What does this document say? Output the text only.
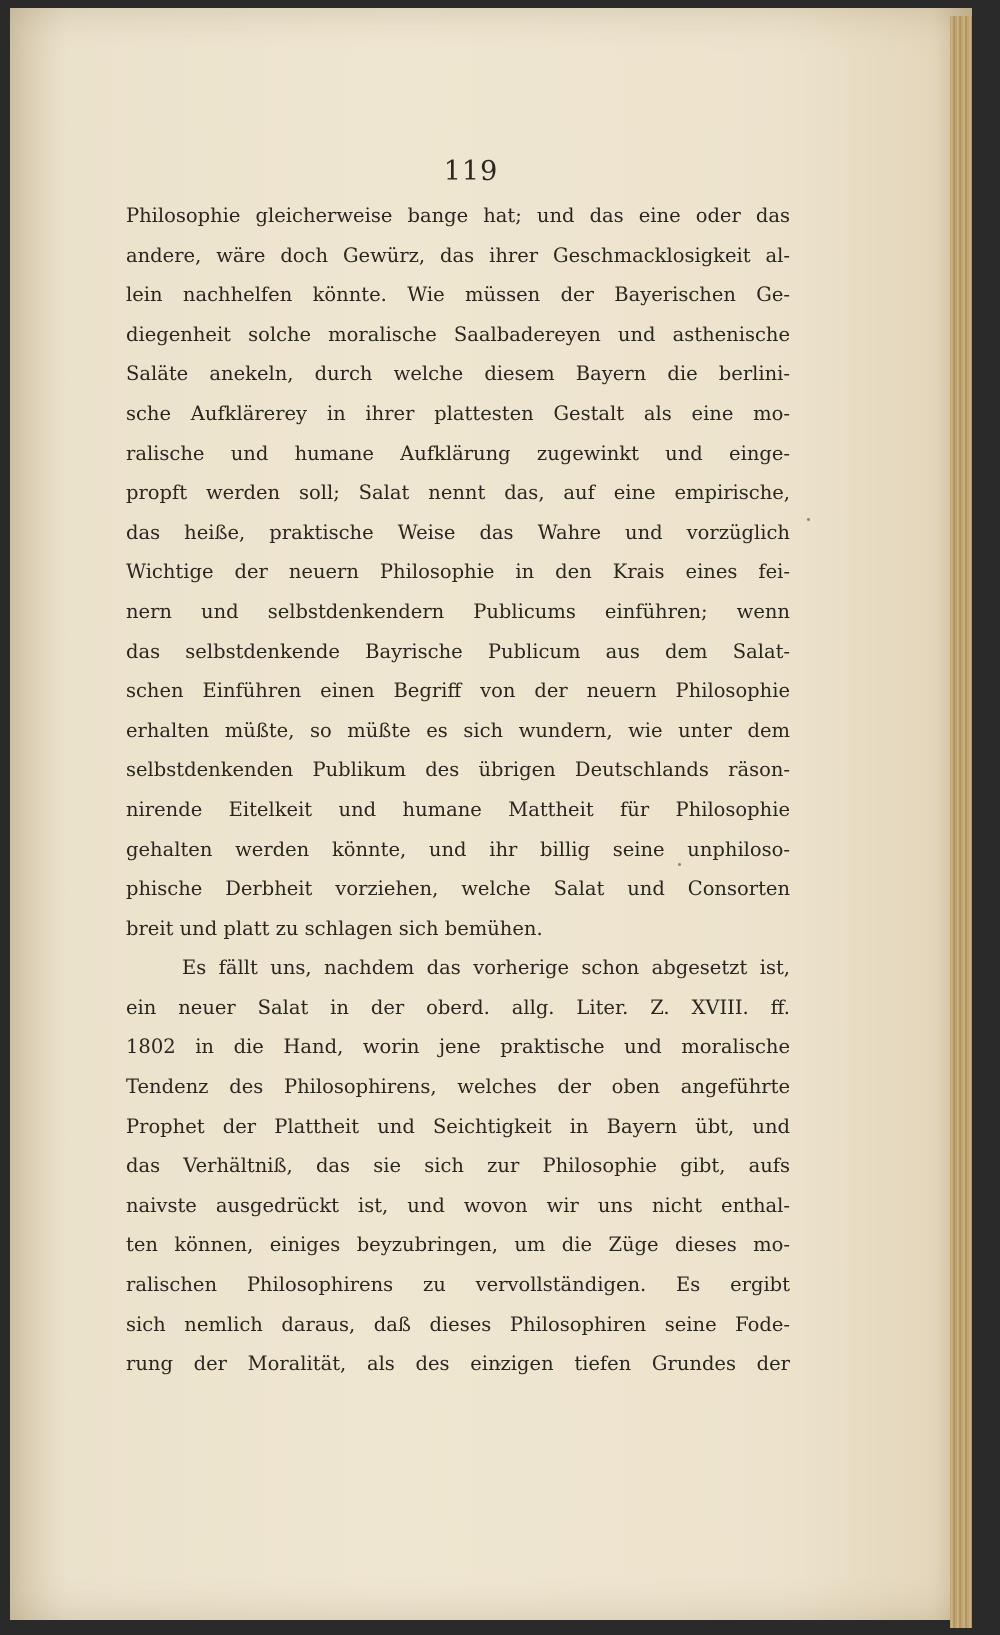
119
Philosophie gleicherweise bange hat; und das eine oder das
andere, wäre doch Gewürz, das ihrer Geschmacklosigkeit al-
lein nachhelfen könnte. Wie müssen der Bayerischen Ge-
diegenheit solche moralische Saalbadereyen und asthenische
Saläte anekeln, durch welche diesem Bayern die berlini-
sche Aufklärerey in ihrer plattesten Gestalt als eine mo-
ralische und humane Aufklärung zugewinkt und einge-
propft werden soll; Salat nennt das, auf eine empirische,
das heiße, praktische Weise das Wahre und vorzüglich
Wichtige der neuern Philosophie in den Krais eines fei-
nern und selbstdenkendern Publicums einführen; wenn
das selbstdenkende Bayrische Publicum aus dem Salat-
schen Einführen einen Begriff von der neuern Philosophie
erhalten müßte, so müßte es sich wundern, wie unter dem
selbstdenkenden Publikum des übrigen Deutschlands räson-
nirende Eitelkeit und humane Mattheit für Philosophie
gehalten werden könnte, und ihr billig seine unphiloso-
phische Derbheit vorziehen, welche Salat und Consorten
breit und platt zu schlagen sich bemühen.
Es fällt uns, nachdem das vorherige schon abgesetzt ist,
ein neuer Salat in der oberd. allg. Liter. Z. XVIII. ff.
1802 in die Hand, worin jene praktische und moralische
Tendenz des Philosophirens, welches der oben angeführte
Prophet der Plattheit und Seichtigkeit in Bayern übt, und
das Verhältniß, das sie sich zur Philosophie gibt, aufs
naivste ausgedrückt ist, und wovon wir uns nicht enthal-
ten können, einiges beyzubringen, um die Züge dieses mo-
ralischen Philosophirens zu vervollständigen. Es ergibt
sich nemlich daraus, daß dieses Philosophiren seine Fode-
rung der Moralität, als des einzigen tiefen Grundes der
